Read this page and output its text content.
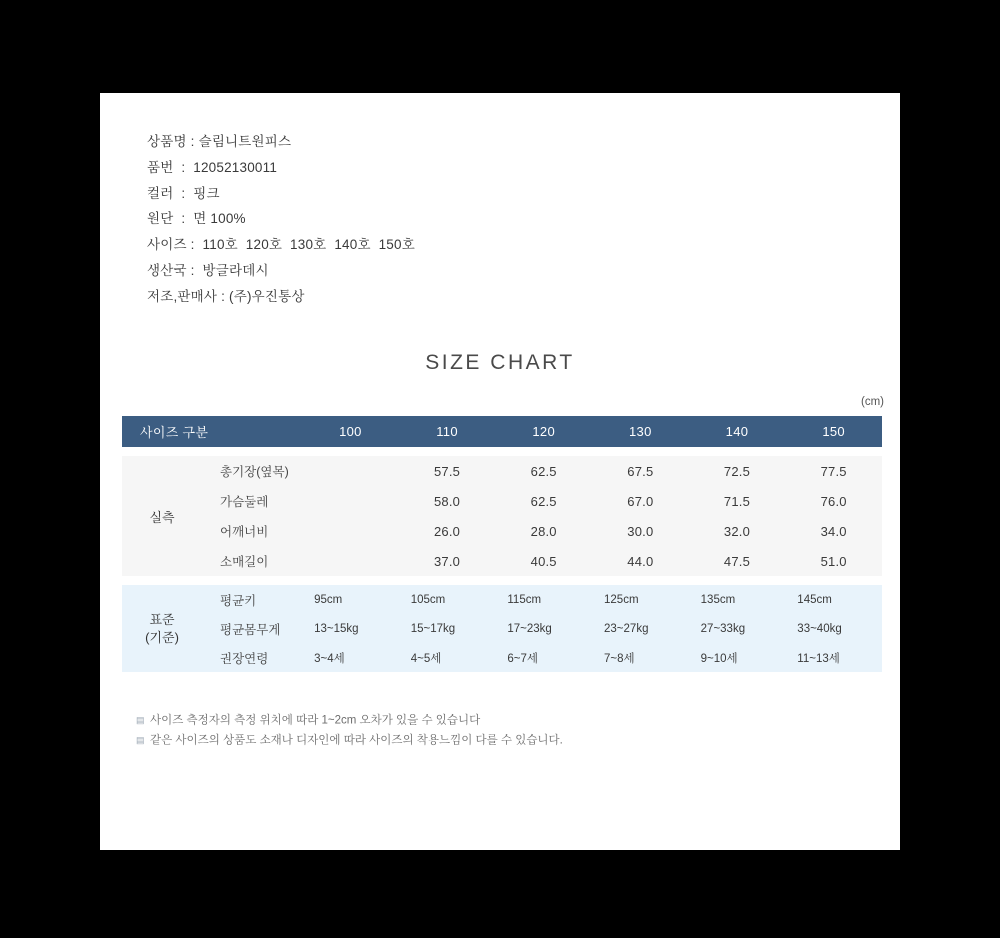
상품명 : 슬림니트원피스
품번  :  12052130011
컬러  :  핑크
원단  :  면 100%
사이즈 :  110호  120호  130호  140호  150호
생산국 :  방글라데시
저조,판매사 : (주)우진통상
SIZE CHART
(cm)
사이즈 구분		100	110	120	130	140	150

실측	총기장(옆목)		57.5	62.5	67.5	72.5	77.5
	가슴둘레		58.0	62.5	67.0	71.5	76.0
	어깨너비		26.0	28.0	30.0	32.0	34.0
	소매길이		37.0	40.5	44.0	47.5	51.0

표준
(기준)	평균키	95cm	105cm	115cm	125cm	135cm	145cm
	평균몸무게	13~15kg	15~17kg	17~23kg	23~27kg	27~33kg	33~40kg
	권장연령	3~4세	4~5세	6~7세	7~8세	9~10세	11~13세
▤ 사이즈 측정자의 측정 위치에 따라 1~2cm 오차가 있을 수 있습니다
▤ 같은 사이즈의 상품도 소재나 디자인에 따라 사이즈의 착용느낌이 다를 수 있습니다.
